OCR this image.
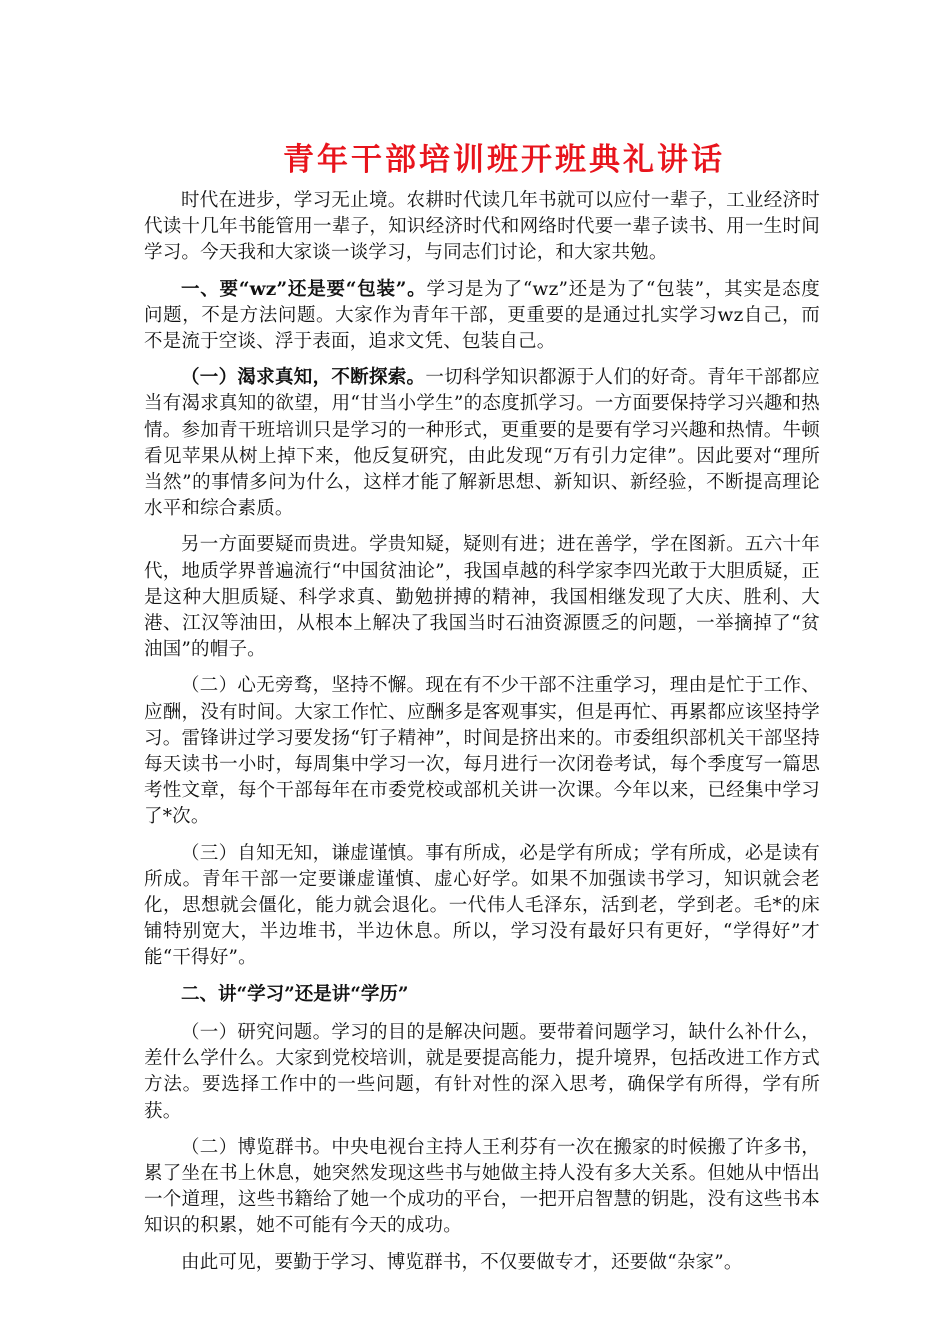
青年干部培训班开班典礼讲话

时代在进步，学习无止境。农耕时代读几年书就可以应付一辈子，工业经济时代读十几年书能管用一辈子，知识经济时代和网络时代要一辈子读书、用一生时间学习。今天我和大家谈一谈学习，与同志们讨论，和大家共勉。

一、要“wz”还是要“包装”。学习是为了“wz”还是为了“包装”，其实是态度问题，不是方法问题。大家作为青年干部，更重要的是通过扎实学习wz自己，而不是流于空谈、浮于表面，追求文凭、包装自己。

（一）渴求真知，不断探索。一切科学知识都源于人们的好奇。青年干部都应当有渴求真知的欲望，用“甘当小学生”的态度抓学习。一方面要保持学习兴趣和热情。参加青干班培训只是学习的一种形式，更重要的是要有学习兴趣和热情。牛顿看见苹果从树上掉下来，他反复研究，由此发现“万有引力定律”。因此要对“理所当然”的事情多问为什么，这样才能了解新思想、新知识、新经验，不断提高理论水平和综合素质。

另一方面要疑而贵进。学贵知疑，疑则有进；进在善学，学在图新。五六十年代，地质学界普遍流行“中国贫油论”，我国卓越的科学家李四光敢于大胆质疑，正是这种大胆质疑、科学求真、勤勉拼搏的精神，我国相继发现了大庆、胜利、大港、江汉等油田，从根本上解决了我国当时石油资源匮乏的问题，一举摘掉了“贫油国”的帽子。

（二）心无旁骛，坚持不懈。现在有不少干部不注重学习，理由是忙于工作、应酬，没有时间。大家工作忙、应酬多是客观事实，但是再忙、再累都应该坚持学习。雷锋讲过学习要发扬“钉子精神”，时间是挤出来的。市委组织部机关干部坚持每天读书一小时，每周集中学习一次，每月进行一次闭卷考试，每个季度写一篇思考性文章，每个干部每年在市委党校或部机关讲一次课。今年以来，已经集中学习了*次。

（三）自知无知，谦虚谨慎。事有所成，必是学有所成；学有所成，必是读有所成。青年干部一定要谦虚谨慎、虚心好学。如果不加强读书学习，知识就会老化，思想就会僵化，能力就会退化。一代伟人毛泽东，活到老，学到老。毛*的床铺特别宽大，半边堆书，半边休息。所以，学习没有最好只有更好，“学得好”才能“干得好”。

二、讲“学习”还是讲“学历”

（一）研究问题。学习的目的是解决问题。要带着问题学习，缺什么补什么，差什么学什么。大家到党校培训，就是要提高能力，提升境界，包括改进工作方式方法。要选择工作中的一些问题，有针对性的深入思考，确保学有所得，学有所获。

（二）博览群书。中央电视台主持人王利芬有一次在搬家的时候搬了许多书，累了坐在书上休息，她突然发现这些书与她做主持人没有多大关系。但她从中悟出一个道理，这些书籍给了她一个成功的平台，一把开启智慧的钥匙，没有这些书本知识的积累，她不可能有今天的成功。

由此可见，要勤于学习、博览群书，不仅要做专才，还要做“杂家”。
